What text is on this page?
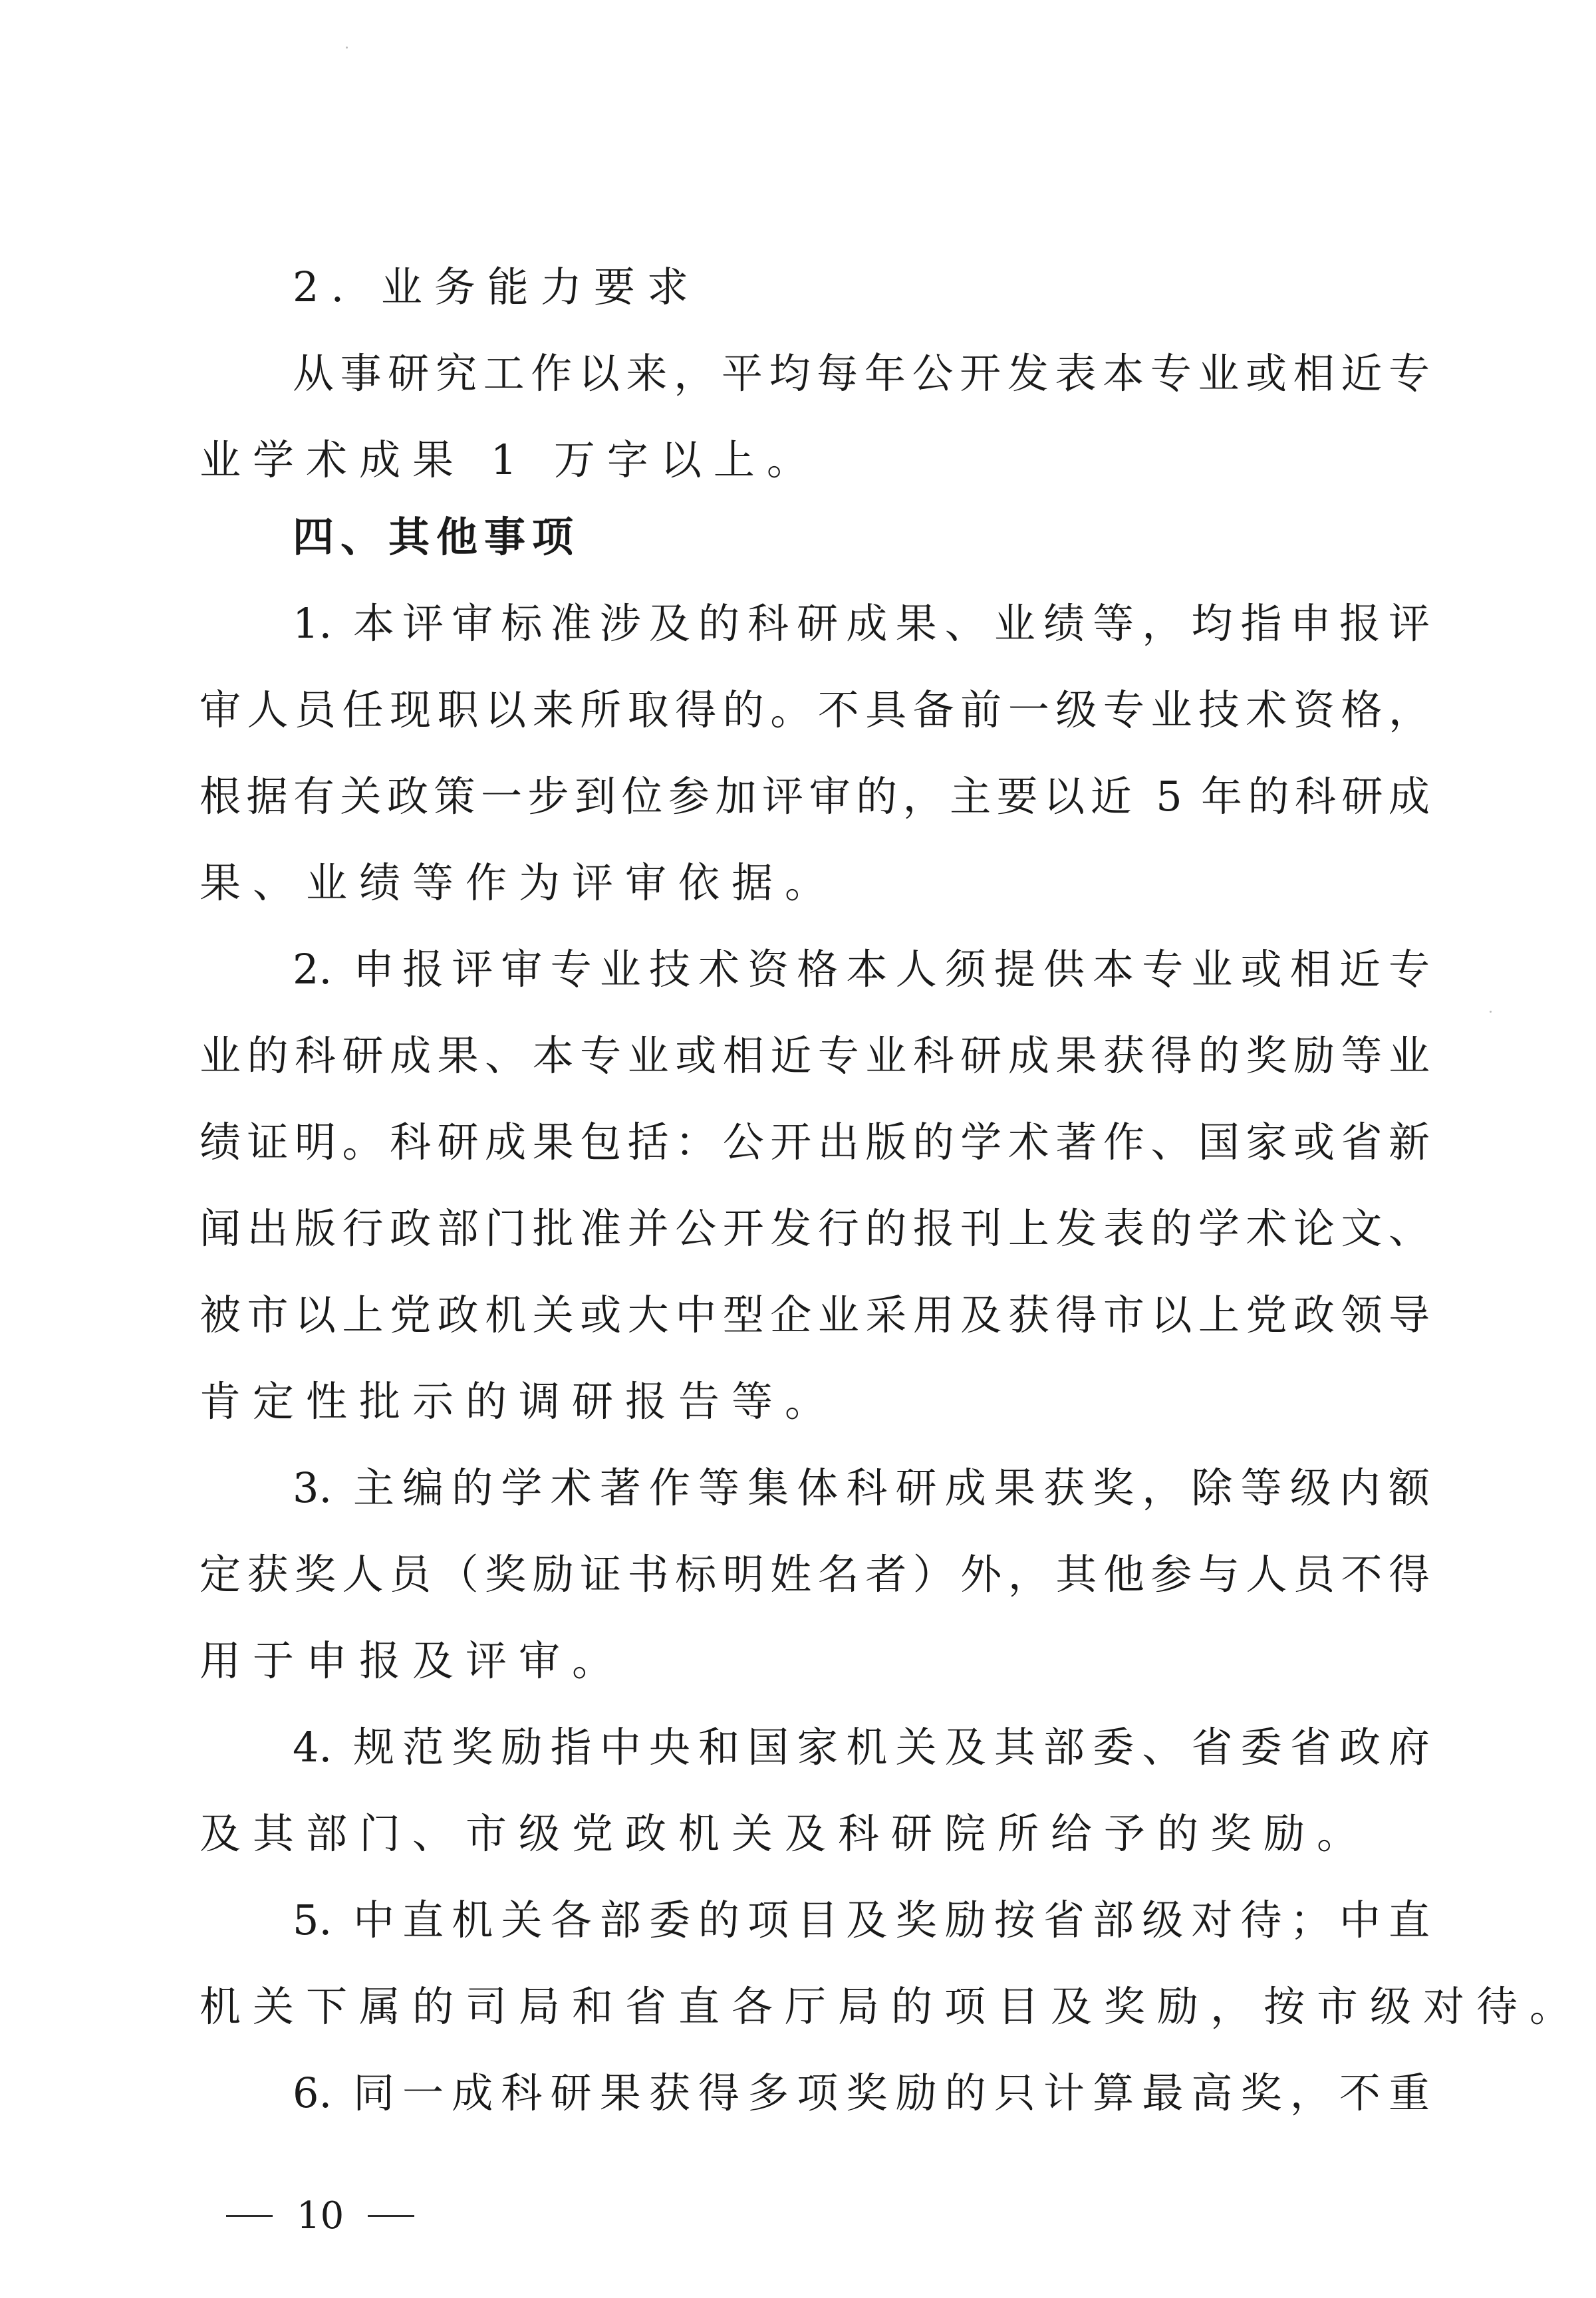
2. 业务能力要求
从事研究工作以来，平均每年公开发表本专业或相近专
业学术成果 1 万字以上。
四、其他事项
1. 本评审标准涉及的科研成果、业绩等，均指申报评
审人员任现职以来所取得的。不具备前一级专业技术资格，
根据有关政策一步到位参加评审的，主要以近 5 年的科研成
果、业绩等作为评审依据。
2. 申报评审专业技术资格本人须提供本专业或相近专
业的科研成果、本专业或相近专业科研成果获得的奖励等业
绩证明。科研成果包括：公开出版的学术著作、国家或省新
闻出版行政部门批准并公开发行的报刊上发表的学术论文、
被市以上党政机关或大中型企业采用及获得市以上党政领导
肯定性批示的调研报告等。
3. 主编的学术著作等集体科研成果获奖，除等级内额
定获奖人员（奖励证书标明姓名者）外，其他参与人员不得
用于申报及评审。
4. 规范奖励指中央和国家机关及其部委、省委省政府
及其部门、市级党政机关及科研院所给予的奖励。
5. 中直机关各部委的项目及奖励按省部级对待；中直
机关下属的司局和省直各厅局的项目及奖励，按市级对待。
6. 同一成科研果获得多项奖励的只计算最高奖，不重
10
